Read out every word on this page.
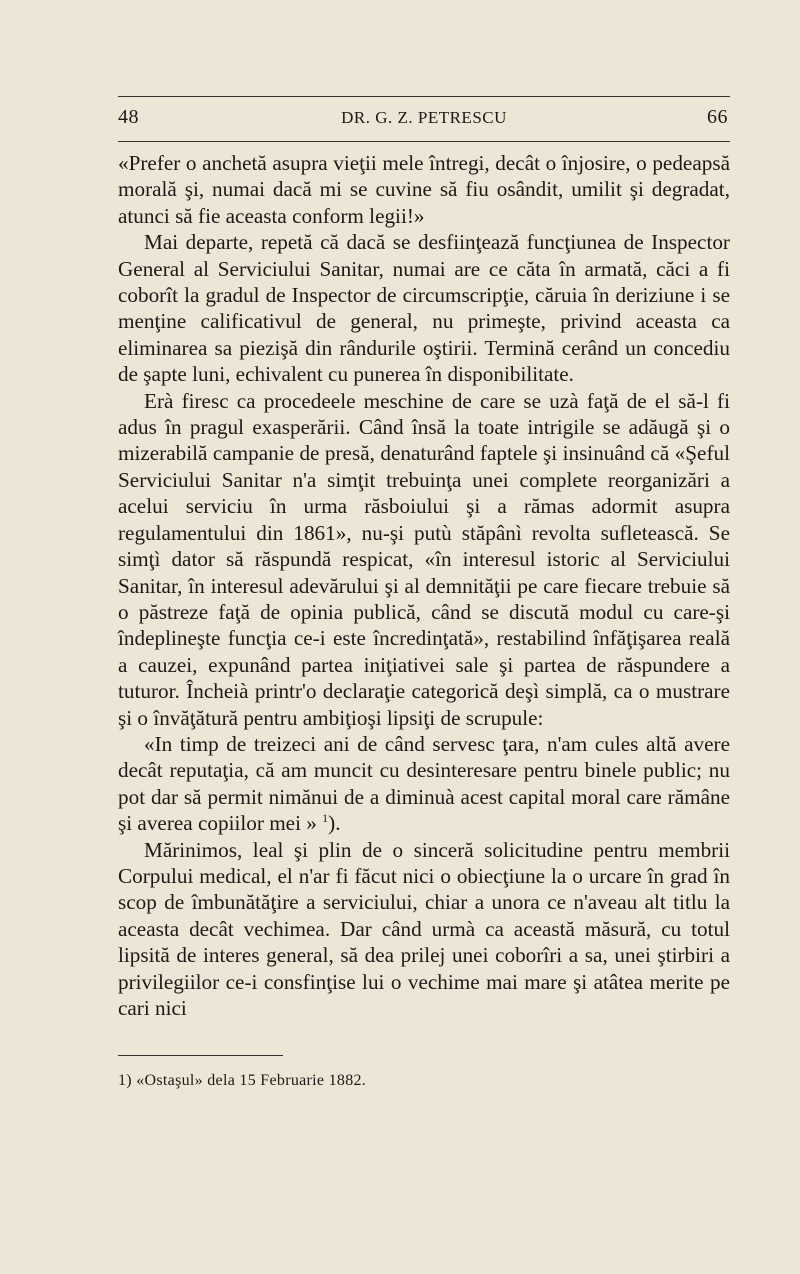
48	DR. G. Z. PETRESCU	66

«Prefer o anchetă asupra vieţii mele întregi, decât o înjosire, o pedeapsă morală şi, numai dacă mi se cuvine să fiu osândit, umilit şi degradat, atunci să fie aceasta conform legii!»

Mai departe, repetă că dacă se desfiinţează funcţiunea de Inspector General al Serviciului Sanitar, numai are ce căta în armată, căci a fi coborît la gradul de Inspector de circumscripţie, căruia în deriziune i se menţine calificativul de general, nu primeşte, privind aceasta ca eliminarea sa piezişă din rândurile oştirii. Termină cerând un concediu de şapte luni, echivalent cu punerea în disponibilitate.

Erà firesc ca procedeele meschine de care se uzà faţă de el să-l fi adus în pragul exasperării. Când însă la toate intrigile se adăugă şi o mizerabilă campanie de presă, denaturând faptele şi insinuând că «Şeful Serviciului Sanitar n'a simţit trebuinţa unei complete reorganizări a acelui serviciu în urma răsboiului şi a rămas adormit asupra regulamentului din 1861», nu-şi putù stăpânì revolta sufletească. Se simţì dator să răspundă respicat, «în interesul istoric al Serviciului Sanitar, în interesul adevărului şi al demnităţii pe care fiecare trebuie să o păstreze faţă de opinia publică, când se discută modul cu care-şi îndeplineşte funcţia ce-i este încredinţată», restabilind înfăţişarea reală a cauzei, expunând partea iniţiativei sale şi partea de răspundere a tuturor. Încheià printr'o declaraţie categorică deşì simplă, ca o mustrare şi o învăţătură pentru ambiţioşi lipsiţi de scrupule:

«In timp de treizeci ani de când servesc ţara, n'am cules altă avere decât reputaţia, că am muncit cu desinteresare pentru binele public; nu pot dar să permit nimănui de a diminuà acest capital moral care rămâne şi averea copiilor mei » $^1$).

Mărinimos, leal şi plin de o sinceră solicitudine pentru membrii Corpului medical, el n'ar fi făcut nici o obiecţiune la o urcare în grad în scop de îmbunătăţire a serviciului, chiar a unora ce n'aveau alt titlu la aceasta decât vechimea. Dar când urmà ca această măsură, cu totul lipsită de interes general, să dea prilej unei coborîri a sa, unei ştirbiri a privilegiilor ce-i consfinţise lui o vechime mai mare şi atâtea merite pe cari nici

1) «Ostaşul» dela 15 Februarie 1882.
